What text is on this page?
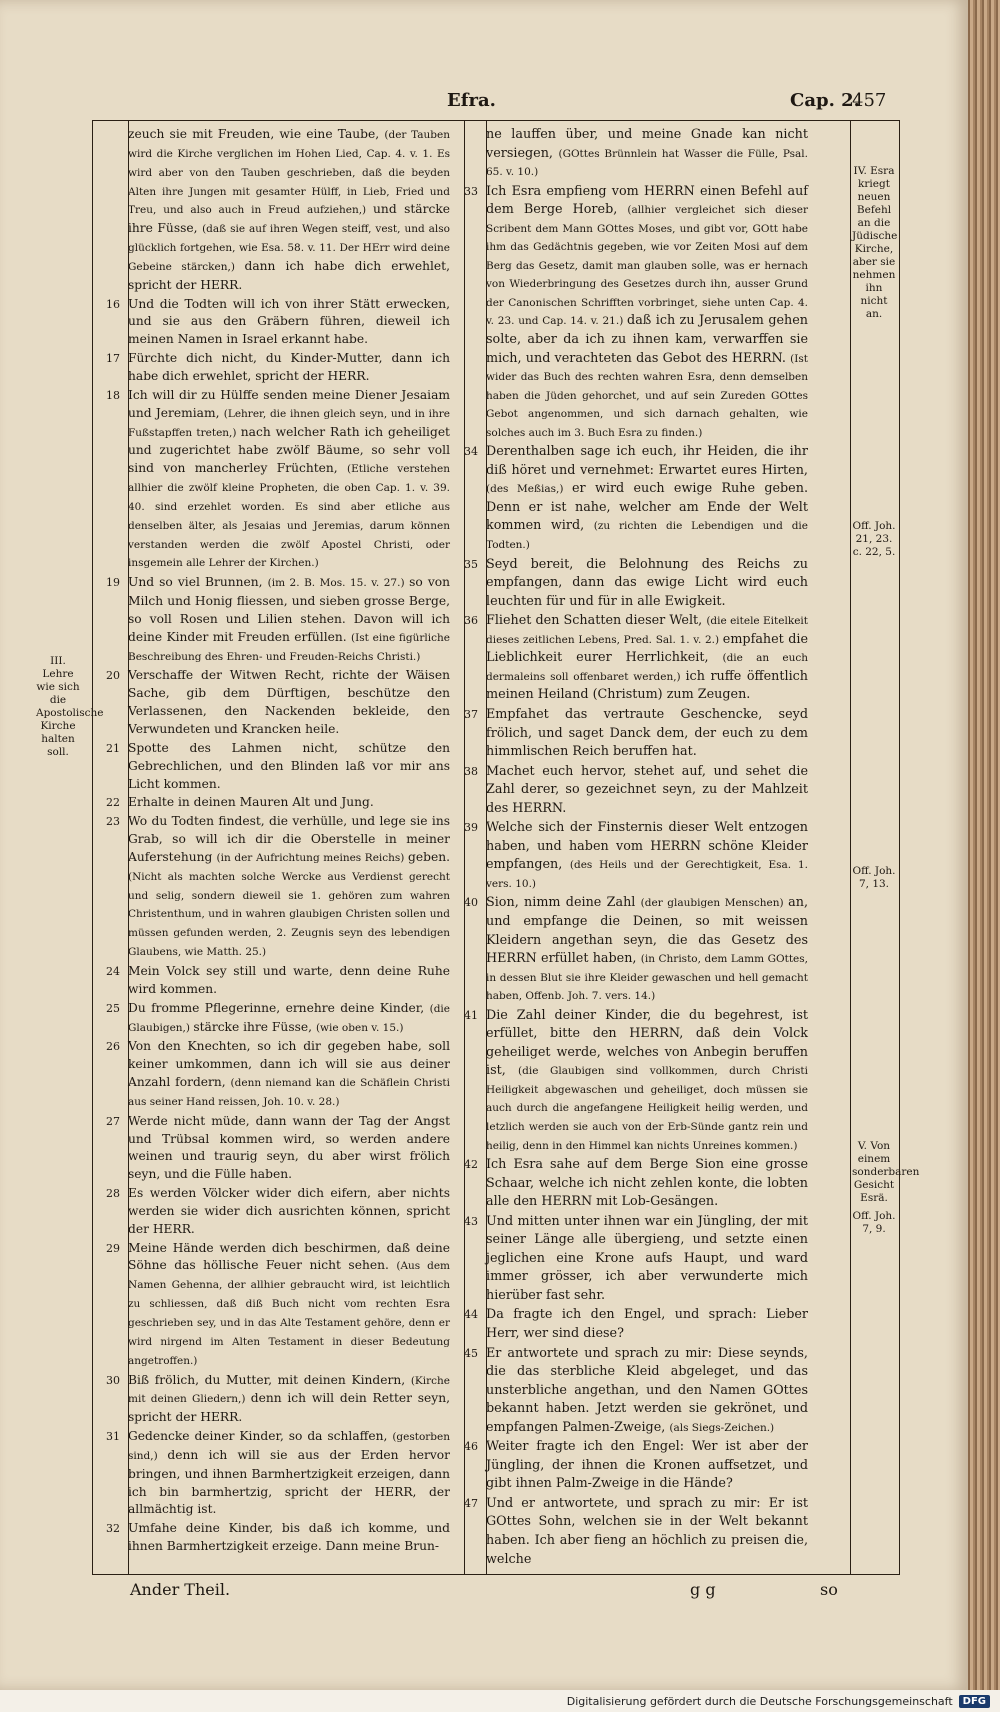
Efra.	Cap. 2.
457
zeuch sie mit Freuden, wie eine Taube, (der Tauben wird die Kirche verglichen im Hohen Lied, Cap. 4. v. 1. Es wird aber von den Tauben geschrieben, daß die beyden Alten ihre Jungen mit gesamter Hülff, in Lieb, Fried und Treu, und also auch in Freud aufziehen,) und stärcke ihre Füsse, (daß sie auf ihren Wegen steiff, vest, und also glücklich fortgehen, wie Esa. 58. v. 11. Der HErr wird deine Gebeine stärcken,) dann ich habe dich erwehlet, spricht der HERR.
16 Und die Todten will ich von ihrer Stätt erwecken, und sie aus den Gräbern führen, dieweil ich meinen Namen in Israel erkannt habe.
17 Fürchte dich nicht, du Kinder-Mutter, dann ich habe dich erwehlet, spricht der HERR.
18 Ich will dir zu Hülffe senden meine Diener Jesaiam und Jeremiam, (Lehrer, die ihnen gleich seyn, und in ihre Fußstapffen treten,) nach welcher Rath ich geheiliget und zugerichtet habe zwölf Bäume, so sehr voll sind von mancherley Früchten, (Etliche verstehen allhier die zwölf kleine Propheten, die oben Cap. 1. v. 39. 40. sind erzehlet worden. Es sind aber etliche aus denselben älter, als Jesaias und Jeremias, darum können verstanden werden die zwölf Apostel Christi, oder insgemein alle Lehrer der Kirchen.)
19 Und so viel Brunnen, (im 2. B. Mos. 15. v. 27.) so von Milch und Honig fliessen, und sieben grosse Berge, so voll Rosen und Lilien stehen. Davon will ich deine Kinder mit Freuden erfüllen. (Ist eine figürliche Beschreibung des Ehren- und Freuden-Reichs Christi.)
20 Verschaffe der Witwen Recht, richte der Wäisen Sache, gib dem Dürftigen, beschütze den Verlassenen, den Nackenden bekleide, den Verwundeten und Krancken heile.
21 Spotte des Lahmen nicht, schütze den Gebrechlichen, und den Blinden laß vor mir ans Licht kommen.
22 Erhalte in deinen Mauren Alt und Jung.
23 Wo du Todten findest, die verhülle, und lege sie ins Grab, so will ich dir die Oberstelle in meiner Auferstehung (in der Aufrichtung meines Reichs) geben. (Nicht als machten solche Wercke aus Verdienst gerecht und selig, sondern dieweil sie 1. gehören zum wahren Christenthum, und in wahren glaubigen Christen sollen und müssen gefunden werden, 2. Zeugnis seyn des lebendigen Glaubens, wie Matth. 25.)
24 Mein Volck sey still und warte, denn deine Ruhe wird kommen.
25 Du fromme Pflegerinne, ernehre deine Kinder, (die Glaubigen,) stärcke ihre Füsse, (wie oben v. 15.)
26 Von den Knechten, so ich dir gegeben habe, soll keiner umkommen, dann ich will sie aus deiner Anzahl fordern, (denn niemand kan die Schäflein Christi aus seiner Hand reissen, Joh. 10. v. 28.)
27 Werde nicht müde, dann wann der Tag der Angst und Trübsal kommen wird, so werden andere weinen und traurig seyn, du aber wirst frölich seyn, und die Fülle haben.
28 Es werden Völcker wider dich eifern, aber nichts werden sie wider dich ausrichten können, spricht der HERR.
29 Meine Hände werden dich beschirmen, daß deine Söhne das höllische Feuer nicht sehen. (Aus dem Namen Gehenna, der allhier gebraucht wird, ist leichtlich zu schliessen, daß diß Buch nicht vom rechten Esra geschrieben sey, und in das Alte Testament gehöre, denn er wird nirgend im Alten Testament in dieser Bedeutung angetroffen.)
30 Biß frölich, du Mutter, mit deinen Kindern, (Kirche mit deinen Gliedern,) denn ich will dein Retter seyn, spricht der HERR.
31 Gedencke deiner Kinder, so da schlaffen, (gestorben sind,) denn ich will sie aus der Erden hervor bringen, und ihnen Barmhertzigkeit erzeigen, dann ich bin barmhertzig, spricht der HERR, der allmächtig ist.
32 Umfahe deine Kinder, bis daß ich komme, und ihnen Barmhertzigkeit erzeige. Dann meine Brun-
ne lauffen über, und meine Gnade kan nicht versiegen, (GOttes Brünnlein hat Wasser die Fülle, Psal. 65. v. 10.)
33 Ich Esra empfieng vom HERRN einen Befehl auf dem Berge Horeb, (allhier vergleichet sich dieser Scribent dem Mann GOttes Moses, und gibt vor, GOtt habe ihm das Gedächtnis gegeben, wie vor Zeiten Mosi auf dem Berg das Gesetz, damit man glauben solle, was er hernach von Wiederbringung des Gesetzes durch ihn, ausser Grund der Canonischen Schrifften vorbringet, siehe unten Cap. 4. v. 23. und Cap. 14. v. 21.) daß ich zu Jerusalem gehen solte, aber da ich zu ihnen kam, verwarffen sie mich, und verachteten das Gebot des HERRN. (Ist wider das Buch des rechten wahren Esra, denn demselben haben die Jüden gehorchet, und auf sein Zureden GOttes Gebot angenommen, und sich darnach gehalten, wie solches auch im 3. Buch Esra zu finden.)
34 Derenthalben sage ich euch, ihr Heiden, die ihr diß höret und vernehmet: Erwartet eures Hirten, (des Meßias,) er wird euch ewige Ruhe geben. Denn er ist nahe, welcher am Ende der Welt kommen wird, (zu richten die Lebendigen und die Todten.)
35 Seyd bereit, die Belohnung des Reichs zu empfangen, dann das ewige Licht wird euch leuchten für und für in alle Ewigkeit.
36 Fliehet den Schatten dieser Welt, (die eitele Eitelkeit dieses zeitlichen Lebens, Pred. Sal. 1. v. 2.) empfahet die Lieblichkeit eurer Herrlichkeit, (die an euch dermaleins soll offenbaret werden,) ich ruffe öffentlich meinen Heiland (Christum) zum Zeugen.
37 Empfahet das vertraute Geschencke, seyd frölich, und saget Danck dem, der euch zu dem himmlischen Reich beruffen hat.
38 Machet euch hervor, stehet auf, und sehet die Zahl derer, so gezeichnet seyn, zu der Mahlzeit des HERRN.
39 Welche sich der Finsternis dieser Welt entzogen haben, und haben vom HERRN schöne Kleider empfangen, (des Heils und der Gerechtigkeit, Esa. 1. vers. 10.)
40 Sion, nimm deine Zahl (der glaubigen Menschen) an, und empfange die Deinen, so mit weissen Kleidern angethan seyn, die das Gesetz des HERRN erfüllet haben, (in Christo, dem Lamm GOttes, in dessen Blut sie ihre Kleider gewaschen und hell gemacht haben, Offenb. Joh. 7. vers. 14.)
41 Die Zahl deiner Kinder, die du begehrest, ist erfüllet, bitte den HERRN, daß dein Volck geheiliget werde, welches von Anbegin beruffen ist, (die Glaubigen sind vollkommen, durch Christi Heiligkeit abgewaschen und geheiliget, doch müssen sie auch durch die angefangene Heiligkeit heilig werden, und letzlich werden sie auch von der Erb-Sünde gantz rein und heilig, denn in den Himmel kan nichts Unreines kommen.)
42 Ich Esra sahe auf dem Berge Sion eine grosse Schaar, welche ich nicht zehlen konte, die lobten alle den HERRN mit Lob-Gesängen.
43 Und mitten unter ihnen war ein Jüngling, der mit seiner Länge alle übergieng, und setzte einen jeglichen eine Krone aufs Haupt, und ward immer grösser, ich aber verwunderte mich hierüber fast sehr.
44 Da fragte ich den Engel, und sprach: Lieber Herr, wer sind diese?
45 Er antwortete und sprach zu mir: Diese seynds, die das sterbliche Kleid abgeleget, und das unsterbliche angethan, und den Namen GOttes bekannt haben. Jetzt werden sie gekrönet, und empfangen Palmen-Zweige, (als Siegs-Zeichen.)
46 Weiter fragte ich den Engel: Wer ist aber der Jüngling, der ihnen die Kronen auffsetzet, und gibt ihnen Palm-Zweige in die Hände?
47 Und er antwortete, und sprach zu mir: Er ist GOttes Sohn, welchen sie in der Welt bekannt haben. Ich aber fieng an höchlich zu preisen die, welche
IV. Esra kriegt neuen Befehl an die Jüdische Kirche, aber sie nehmen ihn nicht an.
Off. Joh. 21, 23. c. 22, 5.
III. Lehre wie sich die Apostolische Kirche halten soll.
Off. Joh. 7, 13.
V. Von einem sonderbaren Gesicht Esrä.
Off. Joh. 7, 9.
Ander Theil.	g g	so
Digitalisierung gefördert durch die Deutsche Forschungsgemeinschaft	DFG
